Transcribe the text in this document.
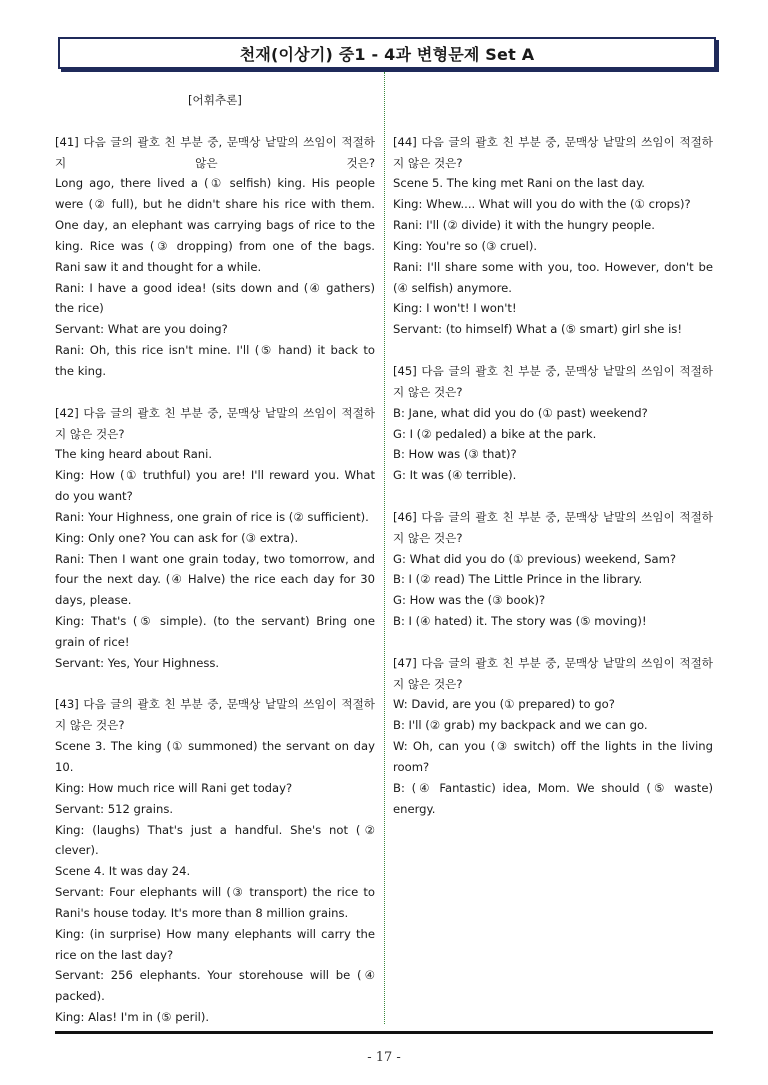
천재(이상기) 중1 - 4과 변형문제 Set A
[어휘추론]
[41] 다음 글의 괄호 친 부분 중, 문맥상 낱말의 쓰임이 적절하
지 않은 것은?
Long ago, there lived a (① selfish) king. His people
were (② full), but he didn't share his rice with them.
One day, an elephant was carrying bags of rice to the
king. Rice was (③ dropping) from one of the bags.
Rani saw it and thought for a while.
Rani: I have a good idea! (sits down and (④ gathers)
the rice)
Servant: What are you doing?
Rani: Oh, this rice isn't mine. I'll (⑤ hand) it back to
the king.
[42] 다음 글의 괄호 친 부분 중, 문맥상 낱말의 쓰임이 적절하
지 않은 것은?
The king heard about Rani.
King: How (① truthful) you are! I'll reward you. What
do you want?
Rani: Your Highness, one grain of rice is (② sufficient).
King: Only one? You can ask for (③ extra).
Rani: Then I want one grain today, two tomorrow, and
four the next day. (④ Halve) the rice each day for 30
days, please.
King: That's (⑤ simple). (to the servant) Bring one
grain of rice!
Servant: Yes, Your Highness.
[43] 다음 글의 괄호 친 부분 중, 문맥상 낱말의 쓰임이 적절하
지 않은 것은?
Scene 3. The king (① summoned) the servant on day
10.
King: How much rice will Rani get today?
Servant: 512 grains.
King: (laughs) That's just a handful. She's not (②
clever).
Scene 4. It was day 24.
Servant: Four elephants will (③ transport) the rice to
Rani's house today. It's more than 8 million grains.
King: (in surprise) How many elephants will carry the
rice on the last day?
Servant: 256 elephants. Your storehouse will be (④
packed).
King: Alas! I'm in (⑤ peril).
[44] 다음 글의 괄호 친 부분 중, 문맥상 낱말의 쓰임이 적절하
지 않은 것은?
Scene 5. The king met Rani on the last day.
King: Whew.... What will you do with the (① crops)?
Rani: I'll (② divide) it with the hungry people.
King: You're so (③ cruel).
Rani: I'll share some with you, too. However, don't be
(④ selfish) anymore.
King: I won't! I won't!
Servant: (to himself) What a (⑤ smart) girl she is!
[45] 다음 글의 괄호 친 부분 중, 문맥상 낱말의 쓰임이 적절하
지 않은 것은?
B: Jane, what did you do (① past) weekend?
G: I (② pedaled) a bike at the park.
B: How was (③ that)?
G: It was (④ terrible).
[46] 다음 글의 괄호 친 부분 중, 문맥상 낱말의 쓰임이 적절하
지 않은 것은?
G: What did you do (① previous) weekend, Sam?
B: I (② read) The Little Prince in the library.
G: How was the (③ book)?
B: I (④ hated) it. The story was (⑤ moving)!
[47] 다음 글의 괄호 친 부분 중, 문맥상 낱말의 쓰임이 적절하
지 않은 것은?
W: David, are you (① prepared) to go?
B: I'll (② grab) my backpack and we can go.
W: Oh, can you (③ switch) off the lights in the living
room?
B: (④ Fantastic) idea, Mom. We should (⑤ waste)
energy.
- 17 -
